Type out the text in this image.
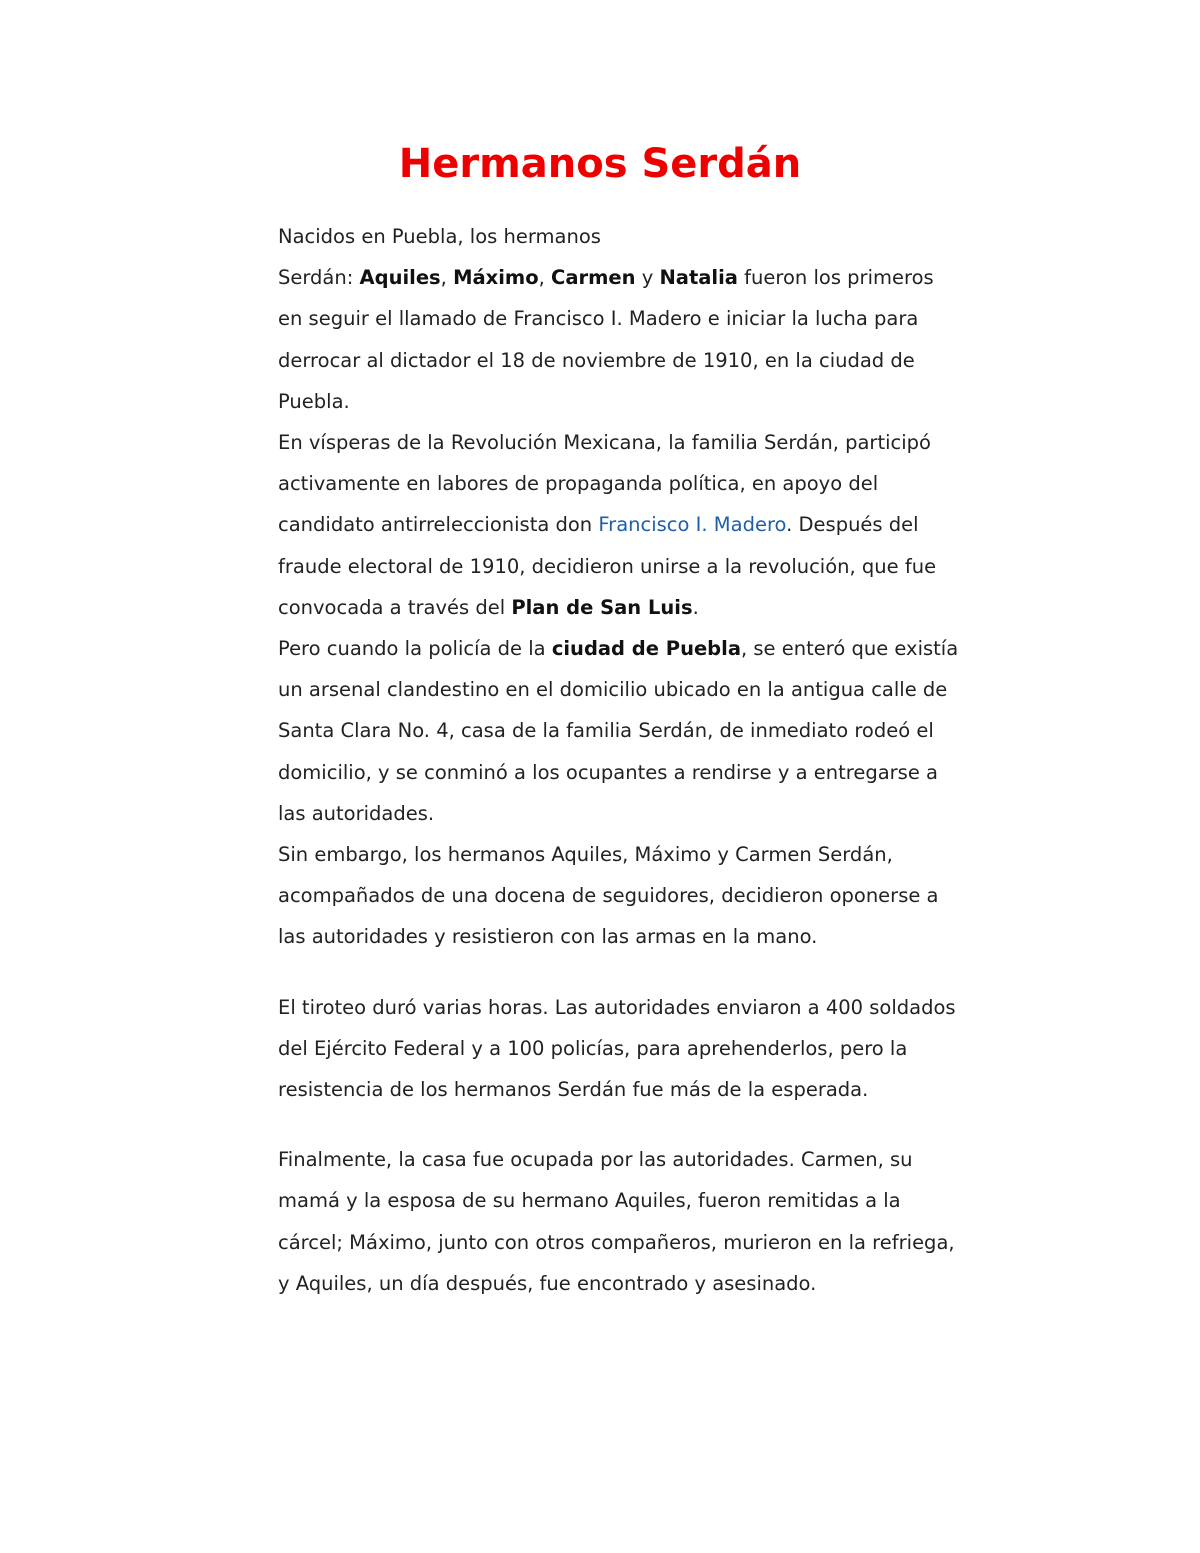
Hermanos Serdán
Nacidos en Puebla, los hermanos
Serdán: Aquiles, Máximo, Carmen y Natalia fueron los primeros
en seguir el llamado de Francisco I. Madero e iniciar la lucha para
derrocar al dictador el 18 de noviembre de 1910, en la ciudad de
Puebla.
En vísperas de la Revolución Mexicana, la familia Serdán, participó
activamente en labores de propaganda política, en apoyo del
candidato antirreleccionista don Francisco I. Madero. Después del
fraude electoral de 1910, decidieron unirse a la revolución, que fue
convocada a través del Plan de San Luis.
Pero cuando la policía de la ciudad de Puebla, se enteró que existía
un arsenal clandestino en el domicilio ubicado en la antigua calle de
Santa Clara No. 4, casa de la familia Serdán, de inmediato rodeó el
domicilio, y se conminó a los ocupantes a rendirse y a entregarse a
las autoridades.
Sin embargo, los hermanos Aquiles, Máximo y Carmen Serdán,
acompañados de una docena de seguidores, decidieron oponerse a
las autoridades y resistieron con las armas en la mano.
El tiroteo duró varias horas. Las autoridades enviaron a 400 soldados
del Ejército Federal y a 100 policías, para aprehenderlos, pero la
resistencia de los hermanos Serdán fue más de la esperada.
Finalmente, la casa fue ocupada por las autoridades. Carmen, su
mamá y la esposa de su hermano Aquiles, fueron remitidas a la
cárcel; Máximo, junto con otros compañeros, murieron en la refriega,
y Aquiles, un día después, fue encontrado y asesinado.
